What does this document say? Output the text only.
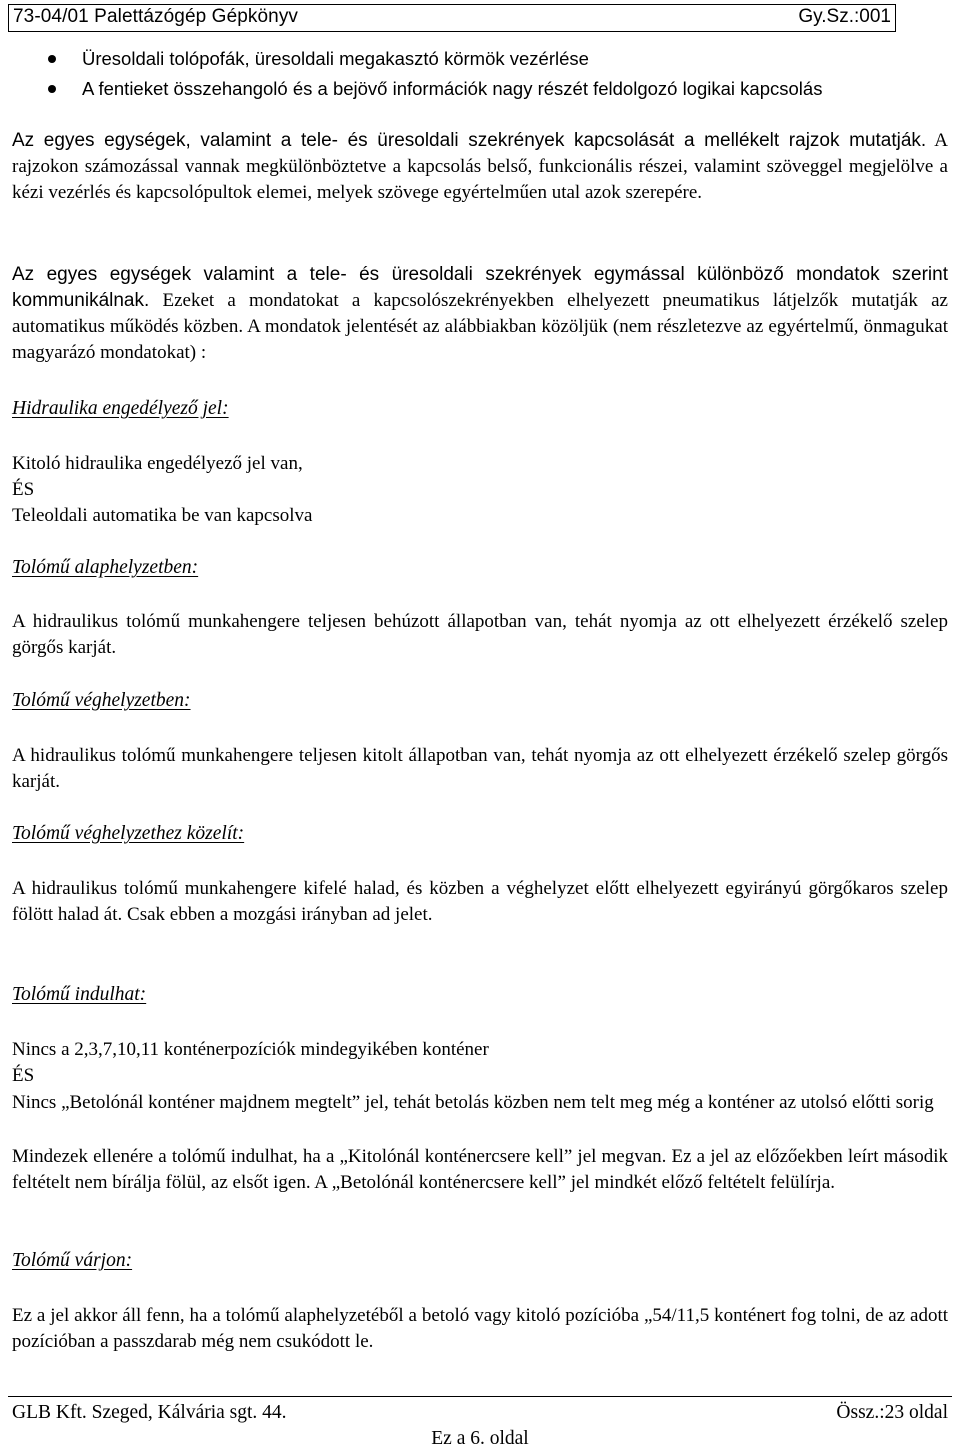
73-04/01 Palettázógép Gépkönyv	Gy.Sz.:001
Üresoldali tolópofák, üresoldali megakasztó körmök vezérlése
A fentieket összehangoló és a bejövő információk nagy részét feldolgozó logikai kapcsolás
Az egyes egységek, valamint a tele- és üresoldali szekrények kapcsolását a mellékelt rajzok mutatják. A rajzokon számozással vannak megkülönböztetve a kapcsolás belső, funkcionális részei, valamint szöveggel megjelölve a kézi vezérlés és kapcsolópultok elemei, melyek szövege egyértelműen utal azok szerepére.
Az egyes egységek valamint a tele- és üresoldali szekrények egymással különböző mondatok szerint kommunikálnak. Ezeket a mondatokat a kapcsolószekrényekben elhelyezett pneumatikus látjelzők mutatják az automatikus működés közben. A mondatok jelentését az alábbiakban közöljük (nem részletezve az egyértelmű, önmagukat magyarázó mondatokat) :
Hidraulika engedélyező jel:
Kitoló hidraulika engedélyező jel van,
ÉS
Teleoldali automatika be van kapcsolva
Tolómű alaphelyzetben:
A hidraulikus tolómű munkahengere teljesen behúzott állapotban van, tehát nyomja az ott elhelyezett érzékelő szelep görgős karját.
Tolómű véghelyzetben:
A hidraulikus tolómű munkahengere teljesen kitolt állapotban van, tehát nyomja az ott elhelyezett érzékelő szelep görgős karját.
Tolómű véghelyzethez közelít:
A hidraulikus tolómű munkahengere kifelé halad, és közben a véghelyzet előtt elhelyezett egyirányú görgőkaros szelep fölött halad át. Csak ebben a mozgási irányban ad jelet.
Tolómű indulhat:
Nincs a 2,3,7,10,11 konténerpozíciók mindegyikében konténer
ÉS
Nincs „Betolónál konténer majdnem megtelt” jel, tehát betolás közben nem telt meg még a konténer az utolsó előtti sorig
Mindezek ellenére a tolómű indulhat, ha a „Kitolónál konténercsere kell” jel megvan. Ez a jel az előzőekben leírt második feltételt nem bírálja fölül, az elsőt igen. A „Betolónál konténercsere kell” jel mindkét előző feltételt felülírja.
Tolómű várjon:
Ez a jel akkor áll fenn, ha a tolómű alaphelyzetéből a betoló vagy kitoló pozícióba „54/11,5 konténert fog tolni, de az adott pozícióban a passzdarab még nem csukódott le.
GLB Kft. Szeged, Kálvária sgt. 44.	Össz.:23 oldal
Ez a 6. oldal
